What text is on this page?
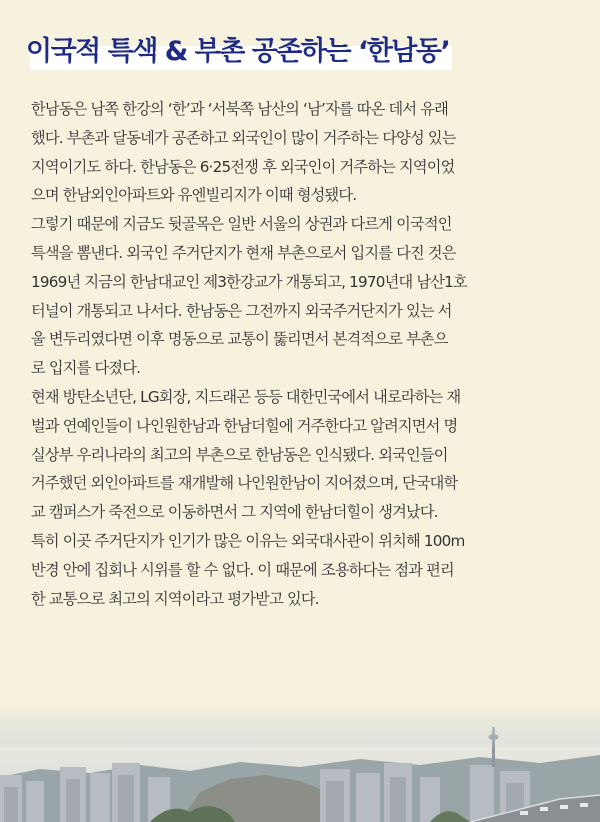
이국적 특색 & 부촌 공존하는 ‘한남동’
한남동은 남쪽 한강의 ‘한’과 ‘서북쪽 남산의 ‘남’자를 따온 데서 유래
했다. 부촌과 달동네가 공존하고 외국인이 많이 거주하는 다양성 있는
지역이기도 하다. 한남동은 6·25전쟁 후 외국인이 거주하는 지역이었
으며 한남외인아파트와 유엔빌리지가 이때 형성됐다.
그렇기 때문에 지금도 뒷골목은 일반 서울의 상권과 다르게 이국적인
특색을 뽐낸다. 외국인 주거단지가 현재 부촌으로서 입지를 다진 것은
1969년 지금의 한남대교인 제3한강교가 개통되고, 1970년대 남산1호
터널이 개통되고 나서다. 한남동은 그전까지 외국주거단지가 있는 서
울 변두리였다면 이후 명동으로 교통이 뚫리면서 본격적으로 부촌으
로 입지를 다졌다.
현재 방탄소년단, LG회장, 지드래곤 등등 대한민국에서 내로라하는 재
벌과 연예인들이 나인원한남과 한남더힐에 거주한다고 알려지면서 명
실상부 우리나라의 최고의 부촌으로 한남동은 인식됐다. 외국인들이
거주했던 외인아파트를 재개발해 나인원한남이 지어졌으며, 단국대학
교 캠퍼스가 죽전으로 이동하면서 그 지역에 한남더힐이 생겨났다.
특히 이곳 주거단지가 인기가 많은 이유는 외국대사관이 위치해 100m
반경 안에 집회나 시위를 할 수 없다. 이 때문에 조용하다는 점과 편리
한 교통으로 최고의 지역이라고 평가받고 있다.
